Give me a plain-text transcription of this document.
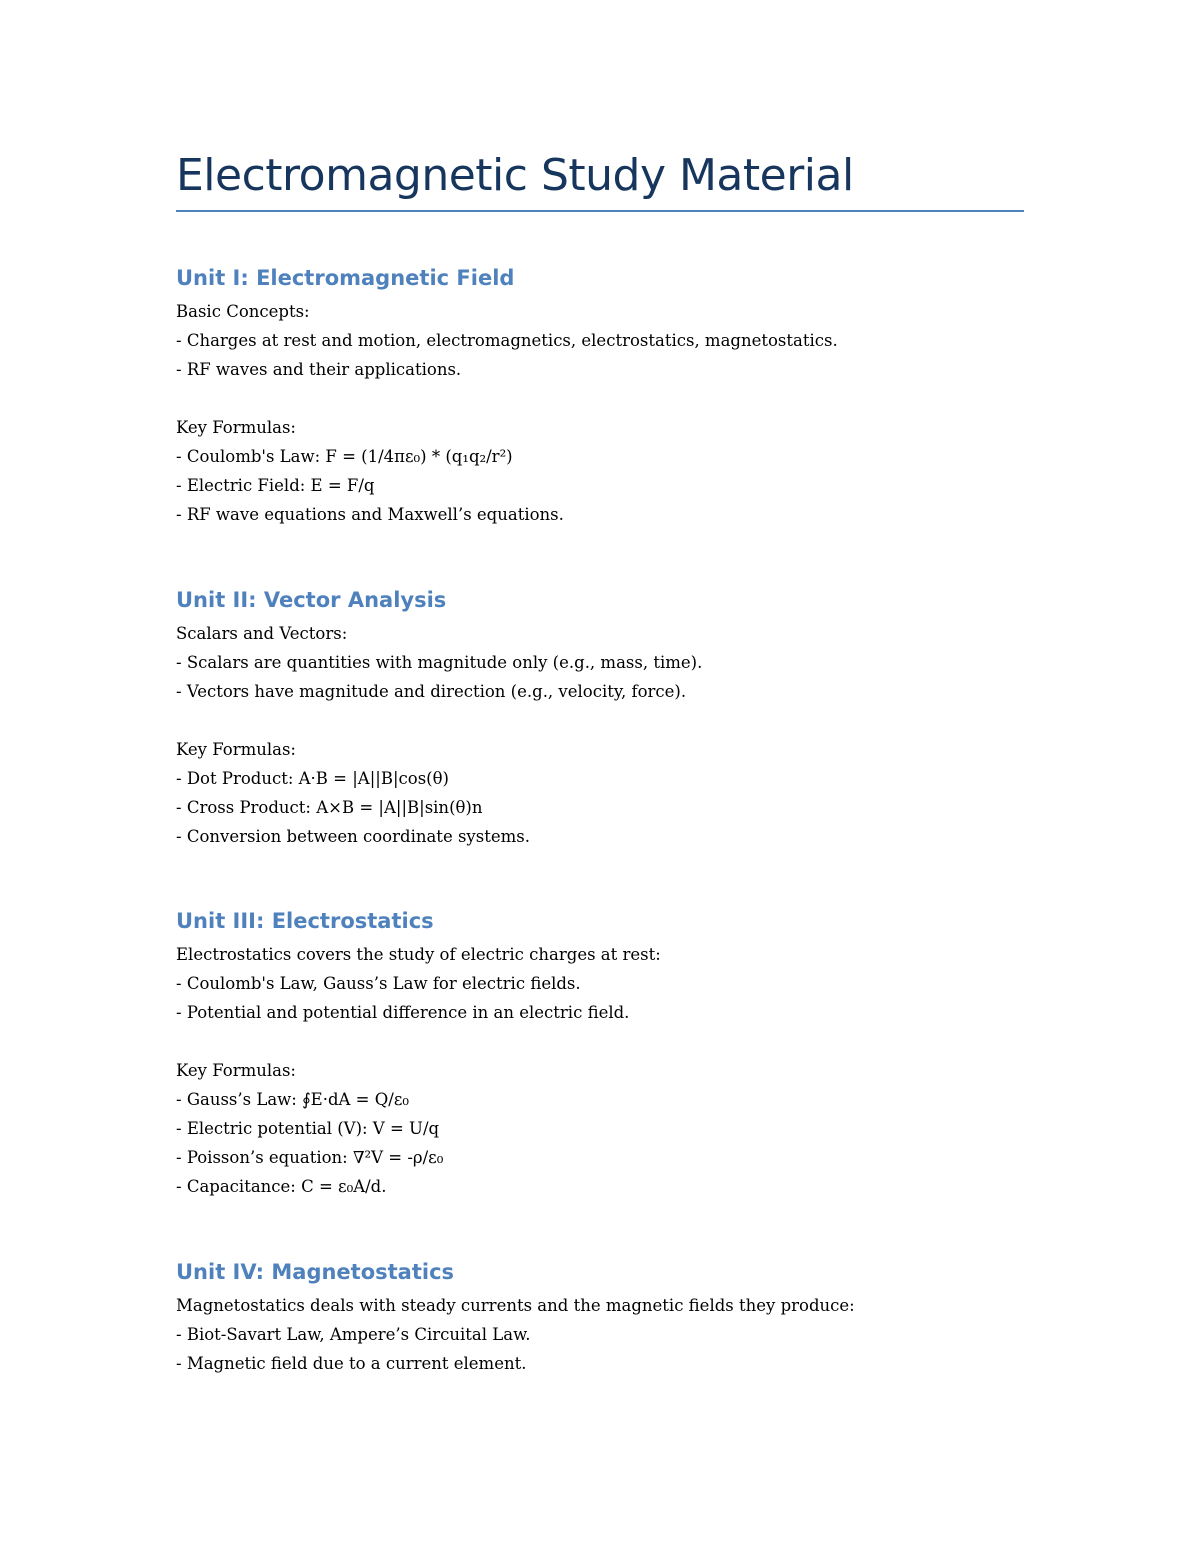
Electromagnetic Study Material
Unit I: Electromagnetic Field

Basic Concepts:

- Charges at rest and motion, electromagnetics, electrostatics, magnetostatics.

- RF waves and their applications.

Key Formulas:

- Coulomb's Law: F = (1/4πε₀) * (q₁q₂/r²)

- Electric Field: E = F/q

- RF wave equations and Maxwell’s equations.

Unit II: Vector Analysis

Scalars and Vectors:

- Scalars are quantities with magnitude only (e.g., mass, time).

- Vectors have magnitude and direction (e.g., velocity, force).

Key Formulas:

- Dot Product: A·B = |A||B|cos(θ)

- Cross Product: A×B = |A||B|sin(θ)n

- Conversion between coordinate systems.

Unit III: Electrostatics

Electrostatics covers the study of electric charges at rest:

- Coulomb's Law, Gauss’s Law for electric fields.

- Potential and potential difference in an electric field.

Key Formulas:

- Gauss’s Law: ∮E·dA = Q/ε₀

- Electric potential (V): V = U/q

- Poisson’s equation: ∇²V = -ρ/ε₀

- Capacitance: C = ε₀A/d.

Unit IV: Magnetostatics

Magnetostatics deals with steady currents and the magnetic fields they produce:

- Biot-Savart Law, Ampere’s Circuital Law.

- Magnetic field due to a current element.
